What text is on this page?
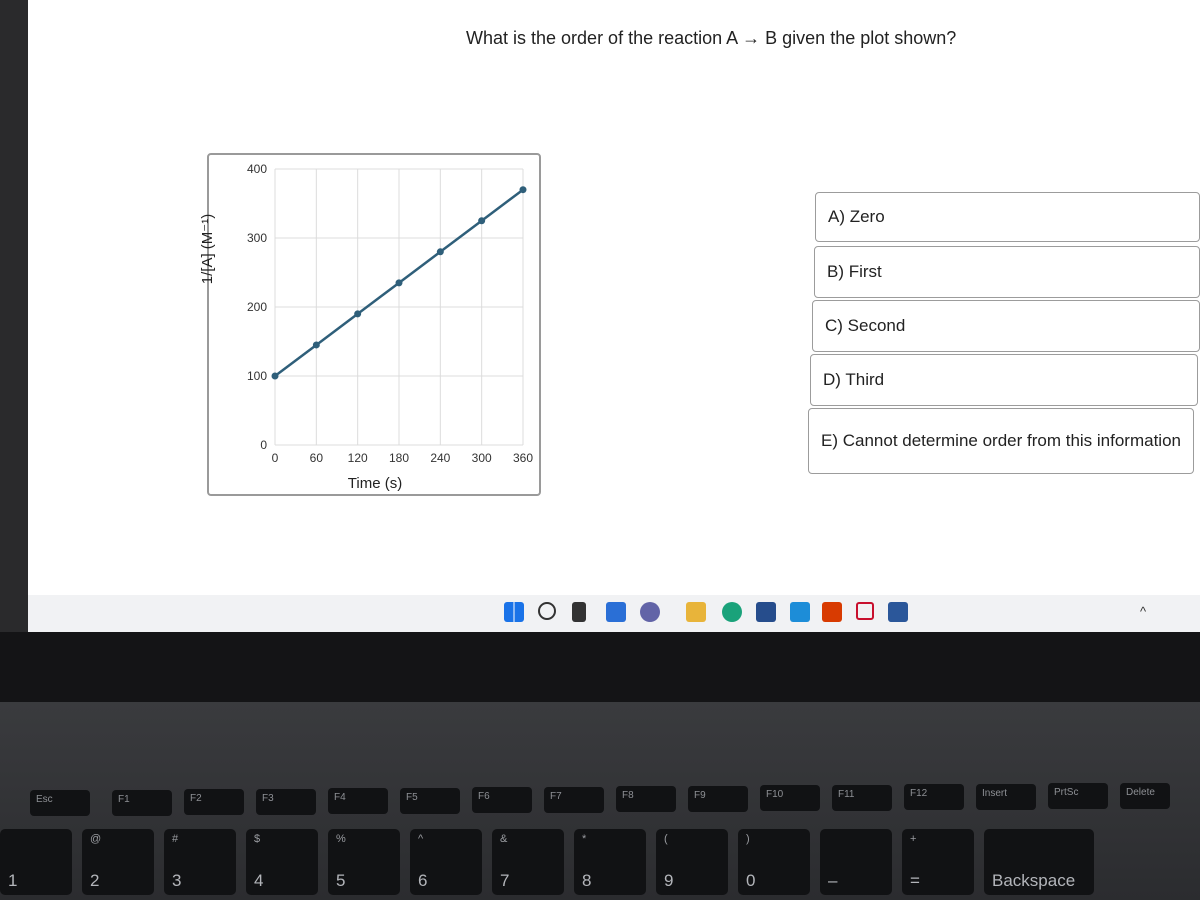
What is the order of the reaction A → B given the plot shown?
0	60 120 180 240 300 360
0
100
200
300
400
Time (s)
1/[A] (M⁻¹)	A) Zero
B) First
C) Second
D) Third
E) Cannot determine order from this information
^
Esc	F1	F2	F3	F4	F5	F6	F7	F8	F9	F10	F11	F12	Insert	PrtSc	Delete
1
@
2
#
3
$
4
%
5
^
6
&
7
*
8
(
9
)
0	–
+
=	Backspace
